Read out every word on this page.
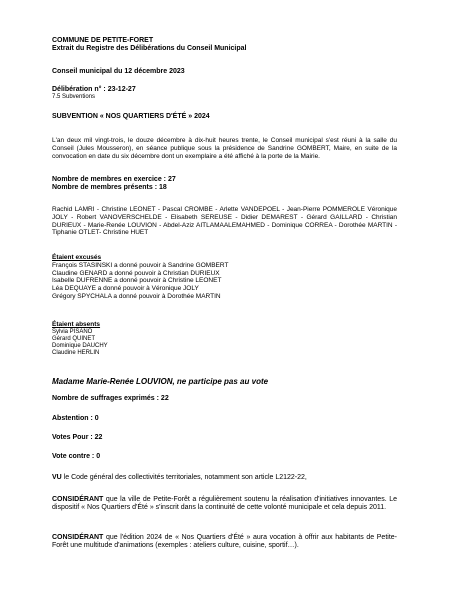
COMMUNE DE PETITE-FORET
Extrait du Registre des Délibérations du Conseil Municipal
Conseil municipal du 12 décembre 2023
Délibération n° : 23-12-27
7.5 Subventions
SUBVENTION « NOS QUARTIERS D'ÉTÉ » 2024
L'an deux mil vingt-trois, le douze décembre à dix-huit heures trente, le Conseil municipal s'est réuni à la salle du Conseil (Jules Mousseron), en séance publique sous la présidence de Sandrine GOMBERT, Maire, en suite de la convocation en date du six décembre dont un exemplaire a été affiché à la porte de la Mairie.
Nombre de membres en exercice : 27
Nombre de membres présents : 18
Rachid LAMRI - Christine LEONET - Pascal CROMBE - Arlette VANDEPOEL - Jean-Pierre POMMEROLE Véronique JOLY - Robert VANOVERSCHELDE - Elisabeth SEREUSE - Didier DEMAREST - Gérard GAILLARD - Christian DURIEUX - Marie-Renée LOUVION - Abdel-Aziz AITLAMAALEMAHMED - Dominique CORREA - Dorothée MARTIN - Tiphanie OTLET- Christine HUET
Étaient excusés
François STASINSKI a donné pouvoir à Sandrine GOMBERT
Claudine GENARD a donné pouvoir à Christian DURIEUX
Isabelle DUFRENNE a donné pouvoir à Christine LEONET
Léa DEQUAYE a donné pouvoir à Véronique JOLY
Grégory SPYCHALA a donné pouvoir à Dorothée MARTIN
Étaient absents
Sylvia PISANO
Gérard QUINET
Dominique DAUCHY
Claudine HERLIN
Madame Marie-Renée LOUVION, ne participe pas au vote
Nombre de suffrages exprimés : 22
Abstention : 0
Votes Pour : 22
Vote contre : 0
VU le Code général des collectivités territoriales, notamment son article L2122-22,
CONSIDÉRANT que la ville de Petite-Forêt a régulièrement soutenu la réalisation d'initiatives innovantes. Le dispositif « Nos Quartiers d'Été » s'inscrit dans la continuité de cette volonté municipale et cela depuis 2011.
CONSIDÉRANT que l'édition 2024 de « Nos Quartiers d'Été » aura vocation à offrir aux habitants de Petite-Forêt une multitude d'animations (exemples : ateliers culture, cuisine, sportif…).
